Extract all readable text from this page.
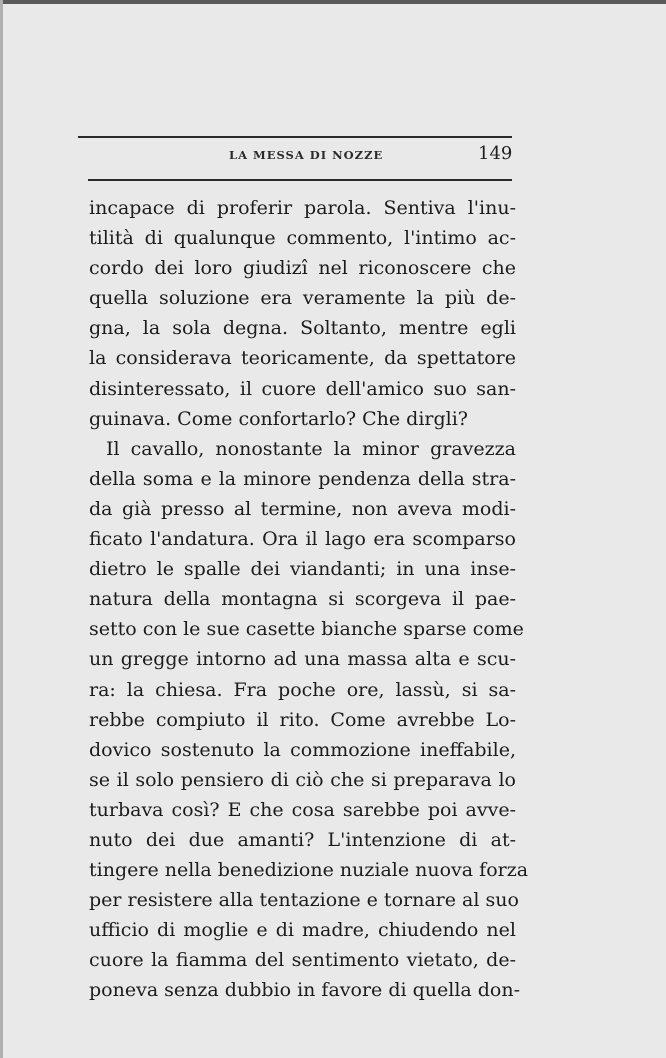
LA MESSA DI NOZZE	149
incapace di proferir parola. Sentiva l'inu-
tilità di qualunque commento, l'intimo ac-
cordo dei loro giudizî nel riconoscere che
quella soluzione era veramente la più de-
gna, la sola degna. Soltanto, mentre egli
la considerava teoricamente, da spettatore
disinteressato, il cuore dell'amico suo san-
guinava. Come confortarlo? Che dirgli?
Il cavallo, nonostante la minor gravezza
della soma e la minore pendenza della stra-
da già presso al termine, non aveva modi-
ficato l'andatura. Ora il lago era scomparso
dietro le spalle dei viandanti; in una inse-
natura della montagna si scorgeva il pae-
setto con le sue casette bianche sparse come
un gregge intorno ad una massa alta e scu-
ra: la chiesa. Fra poche ore, lassù, si sa-
rebbe compiuto il rito. Come avrebbe Lo-
dovico sostenuto la commozione ineffabile,
se il solo pensiero di ciò che si preparava lo
turbava così? E che cosa sarebbe poi avve-
nuto dei due amanti? L'intenzione di at-
tingere nella benedizione nuziale nuova forza
per resistere alla tentazione e tornare al suo
ufficio di moglie e di madre, chiudendo nel
cuore la fiamma del sentimento vietato, de-
poneva senza dubbio in favore di quella don-
